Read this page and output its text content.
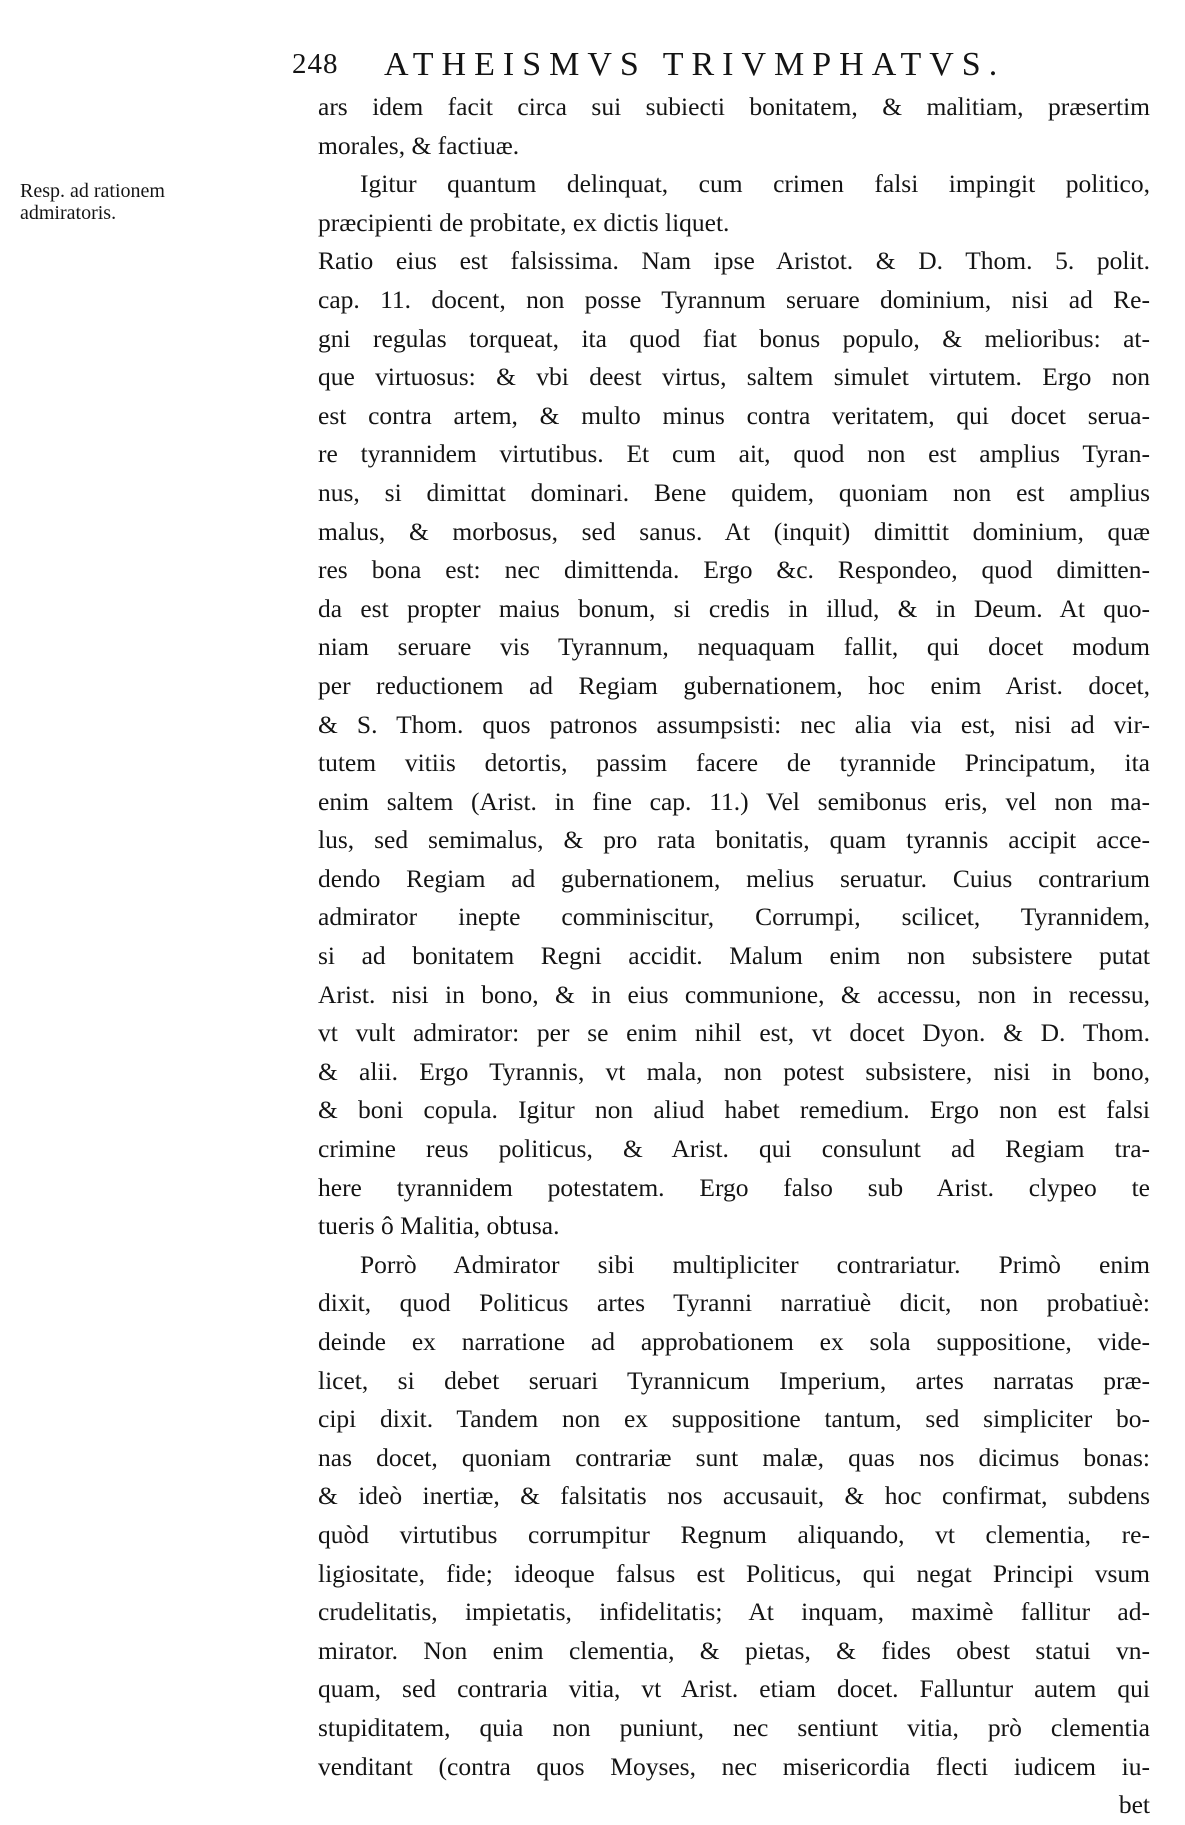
248 ATHEISMVS TRIVMPHATVS.
Resp. ad rationem
admiratoris.
ars idem facit circa sui subiecti bonitatem, & malitiam, præsertim
morales, & factiuæ.
Igitur quantum delinquat, cum crimen falsi impingit politico,
præcipienti de probitate, ex dictis liquet.
Ratio eius est falsissima. Nam ipse Aristot. & D. Thom. 5. polit.
cap. 11. docent, non posse Tyrannum seruare dominium, nisi ad Re-
gni regulas torqueat, ita quod fiat bonus populo, & melioribus: at-
que virtuosus: & vbi deest virtus, saltem simulet virtutem. Ergo non
est contra artem, & multo minus contra veritatem, qui docet serua-
re tyrannidem virtutibus. Et cum ait, quod non est amplius Tyran-
nus, si dimittat dominari. Bene quidem, quoniam non est amplius
malus, & morbosus, sed sanus. At (inquit) dimittit dominium, quæ
res bona est: nec dimittenda. Ergo &c. Respondeo, quod dimitten-
da est propter maius bonum, si credis in illud, & in Deum. At quo-
niam seruare vis Tyrannum, nequaquam fallit, qui docet modum
per reductionem ad Regiam gubernationem, hoc enim Arist. docet,
& S. Thom. quos patronos assumpsisti: nec alia via est, nisi ad vir-
tutem vitiis detortis, passim facere de tyrannide Principatum, ita
enim saltem (Arist. in fine cap. 11.) Vel semibonus eris, vel non ma-
lus, sed semimalus, & pro rata bonitatis, quam tyrannis accipit acce-
dendo Regiam ad gubernationem, melius seruatur. Cuius contrarium
admirator inepte comminiscitur, Corrumpi, scilicet, Tyrannidem,
si ad bonitatem Regni accidit. Malum enim non subsistere putat
Arist. nisi in bono, & in eius communione, & accessu, non in recessu,
vt vult admirator: per se enim nihil est, vt docet Dyon. & D. Thom.
& alii. Ergo Tyrannis, vt mala, non potest subsistere, nisi in bono,
& boni copula. Igitur non aliud habet remedium. Ergo non est falsi
crimine reus politicus, & Arist. qui consulunt ad Regiam tra-
here tyrannidem potestatem. Ergo falso sub Arist. clypeo te
tueris ô Malitia, obtusa.
Porrò Admirator sibi multipliciter contrariatur. Primò enim
dixit, quod Politicus artes Tyranni narratiuè dicit, non probatiuè:
deinde ex narratione ad approbationem ex sola suppositione, vide-
licet, si debet seruari Tyrannicum Imperium, artes narratas præ-
cipi dixit. Tandem non ex suppositione tantum, sed simpliciter bo-
nas docet, quoniam contrariæ sunt malæ, quas nos dicimus bonas:
& ideò inertiæ, & falsitatis nos accusauit, & hoc confirmat, subdens
quòd virtutibus corrumpitur Regnum aliquando, vt clementia, re-
ligiositate, fide; ideoque falsus est Politicus, qui negat Principi vsum
crudelitatis, impietatis, infidelitatis; At inquam, maximè fallitur ad-
mirator. Non enim clementia, & pietas, & fides obest statui vn-
quam, sed contraria vitia, vt Arist. etiam docet. Falluntur autem qui
stupiditatem, quia non puniunt, nec sentiunt vitia, prò clementia
venditant (contra quos Moyses, nec misericordia flecti iudicem iu-
bet
